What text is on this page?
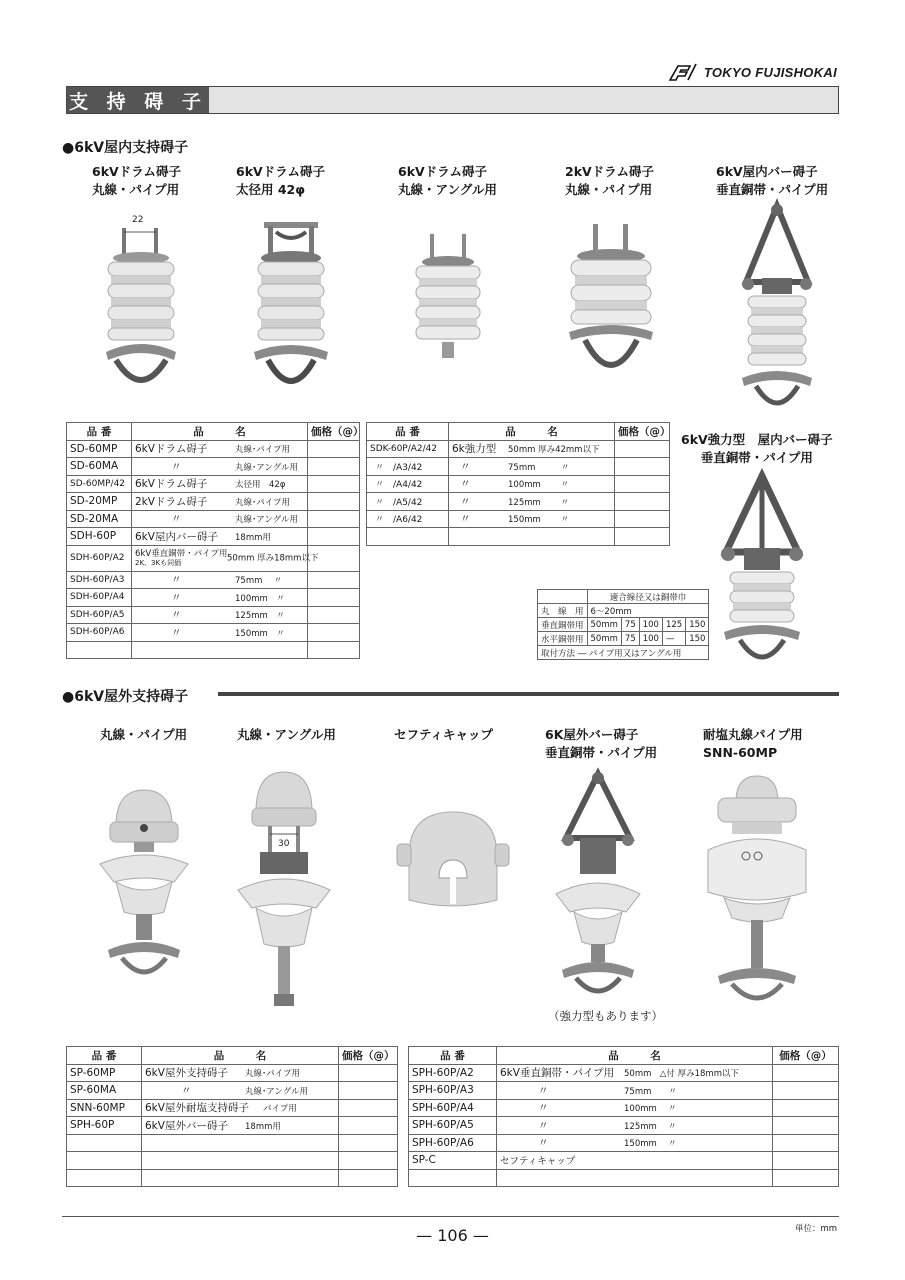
TOKYO FUJISHOKAI
支 持 碍 子
●6kV屋内支持碍子
6kVドラム碍子
丸線・パイプ用
6kVドラム碍子
太径用 42φ
6kVドラム碍子
丸線・アングル用
2kVドラム碍子
丸線・パイプ用
6kV屋内バー碍子
垂直銅帯・パイプ用
22
品 番	品　　　名	価格（@）
SD-60MP	6kVドラム碍子 丸線･パイプ用	
SD-60MA	〃 丸線･アングル用	
SD-60MP/42	6kVドラム碍子 太径用　42φ	
SD-20MP	2kVドラム碍子 丸線･パイプ用	
SD-20MA	〃 丸線･アングル用	
SDH-60P	6kV屋内バー碍子 18mm用	
SDH-60P/A2	6kV垂直銅帯・パイプ用
2K、3Kも同価 50mm 厚み18mm以下	
SDH-60P/A3	〃 75mm　 〃	
SDH-60P/A4	〃 100mm　〃	
SDH-60P/A5	〃 125mm　〃	
SDH-60P/A6	〃 150mm　〃	

品 番	品　　　名	価格（@）
SDK-60P/A2/42	6k強力型 50mm 厚み42mm以下	
〃　/A3/42	〃 75mm　　　〃	
〃　/A4/42	〃 100mm　　 〃	
〃　/A5/42	〃 125mm　　 〃	
〃　/A6/42	〃 150mm　　 〃	

6kV強力型　屋内バー碍子
垂直銅帯・パイプ用
	適合線径又は銅帯巾				
丸　線　用	6～20mm				
垂直銅帯用	50mm	75	100	125	150
水平銅帯用	50mm	75	100	—	150
取付方法 ― パイプ用又はアングル用					
●6kV屋外支持碍子
丸線・パイプ用	丸線・アングル用	セフティキャップ	6K屋外バー碍子
垂直銅帯・パイプ用
耐塩丸線パイプ用
SNN-60MP
30
（強力型もあります）
品 番	品　　　名	価格（@）
SP-60MP	6kV屋外支持碍子 丸線･パイプ用	
SP-60MA	〃 丸線･アングル用	
SNN-60MP	6kV屋外耐塩支持碍子 パイプ用	
SPH-60P	6kV屋外バー碍子 18mm用	

品 番	品　　　名	価格（@）
SPH-60P/A2	6kV垂直銅帯・パイプ用 50mm　△付 厚み18mm以下	
SPH-60P/A3	〃 75mm　　〃	
SPH-60P/A4	〃 100mm　 〃	
SPH-60P/A5	〃 125mm　 〃	
SPH-60P/A6	〃 150mm　 〃	
SP-C	セフティキャップ	

— 106 —	単位：mm
